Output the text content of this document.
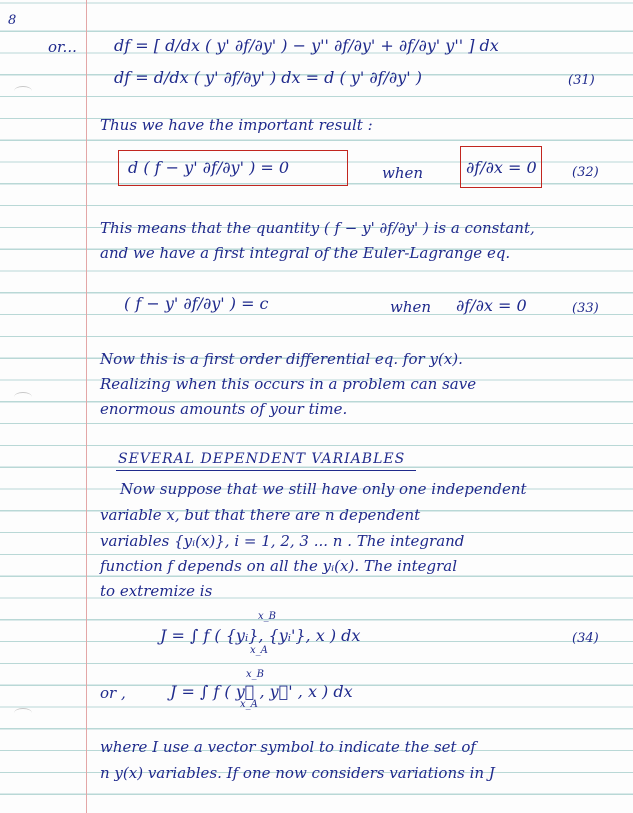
8
or... df = [ d/dx ( y' ∂f/∂y' ) − y'' ∂f/∂y' + ∂f/∂y' y'' ] dx
df = d/dx ( y' ∂f/∂y' ) dx = d ( y' ∂f/∂y' )	(31)
Thus we have the important result :
d ( f − y' ∂f/∂y' ) = 0	when	∂f/∂x = 0	(32)
This means that the quantity ( f − y' ∂f/∂y' ) is a constant,
and we have a first integral of the Euler-Lagrange eq.
( f − y' ∂f/∂y' ) = c	when ∂f/∂x = 0	(33)
Now this is a first order differential eq. for y(x).
Realizing when this occurs in a problem can save
enormous amounts of your time.
SEVERAL DEPENDENT VARIABLES
Now suppose that we still have only one independent
variable x, but that there are n dependent
variables {yᵢ(x)}, i = 1, 2, 3 ... n . The integrand
function f depends on all the yᵢ(x). The integral
to extremize is
J = ∫ f ( {yᵢ}, {yᵢ'}, x ) dx
x_B
x_A
(34)
or ,	J = ∫ f ( y⃗ , y⃗' , x ) dx
x_B
x_A
where I use a vector symbol to indicate the set of
n y(x) variables. If one now considers variations in J
